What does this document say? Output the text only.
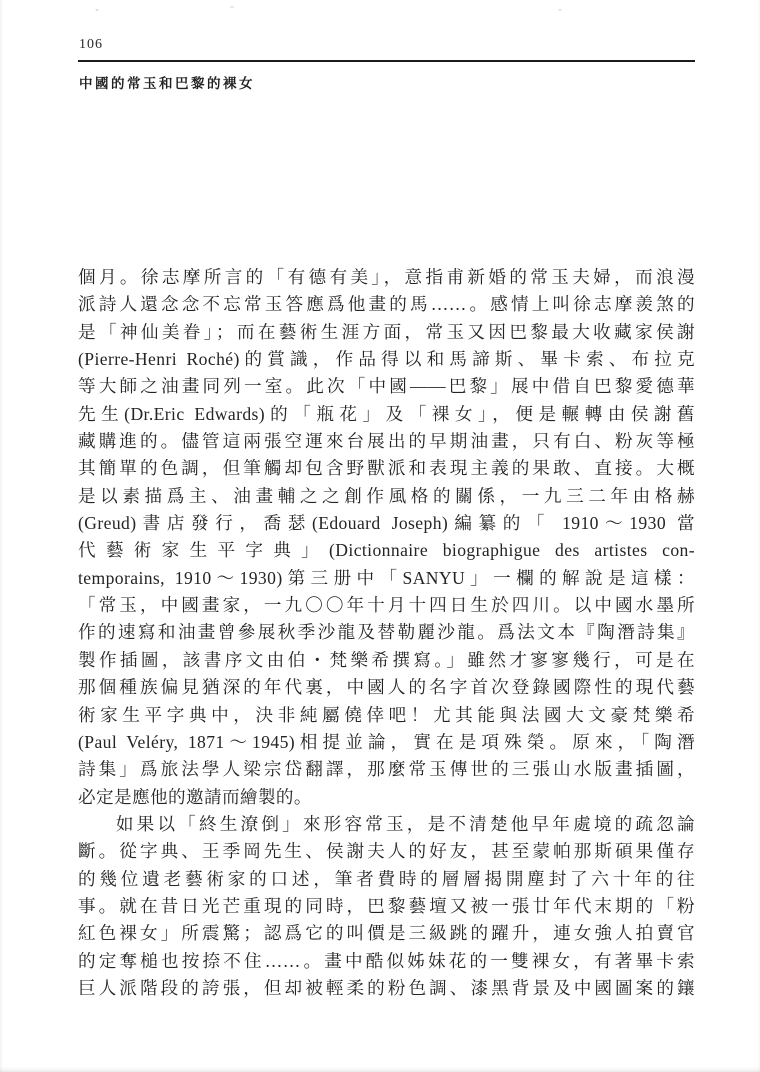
106
中國的常玉和巴黎的裸女
個月。徐志摩所言的「有德有美」，意指甫新婚的常玉夫婦，而浪漫
派詩人還念念不忘常玉答應爲他畫的馬……。感情上叫徐志摩羨煞的
是「神仙美眷」；而在藝術生涯方面，常玉又因巴黎最大收藏家侯謝
(Pierre-Henri Roché)的賞識，作品得以和馬諦斯、畢卡索、布拉克
等大師之油畫同列一室。此次「中國——巴黎」展中借自巴黎愛德華
先生(Dr.Eric Edwards)的「瓶花」及「裸女」，便是輾轉由侯謝舊
藏購進的。儘管這兩張空運來台展出的早期油畫，只有白、粉灰等極
其簡單的色調，但筆觸却包含野獸派和表現主義的果敢、直接。大概
是以素描爲主、油畫輔之之創作風格的關係，一九三二年由格赫
(Greud)書店發行，喬瑟(Edouard Joseph)編纂的「 1910～1930 當
代藝術家生平字典」(Dictionnaire biographigue des artistes con-
temporains, 1910～1930)第三册中「SANYU」一欄的解說是這樣：
「常玉，中國畫家，一九〇〇年十月十四日生於四川。以中國水墨所
作的速寫和油畫曾參展秋季沙龍及替勒麗沙龍。爲法文本『陶潛詩集』
製作插圖，該書序文由伯・梵樂希撰寫。」雖然才寥寥幾行，可是在
那個種族偏見猶深的年代裏，中國人的名字首次登錄國際性的現代藝
術家生平字典中，決非純屬僥倖吧！尤其能與法國大文豪梵樂希
(Paul Veléry, 1871～1945)相提並論，實在是項殊榮。原來，「陶潛
詩集」爲旅法學人梁宗岱翻譯，那麼常玉傳世的三張山水版畫插圖，
必定是應他的邀請而繪製的。
如果以「終生潦倒」來形容常玉，是不清楚他早年處境的疏忽論
斷。從字典、王季岡先生、侯謝夫人的好友，甚至蒙帕那斯碩果僅存
的幾位遺老藝術家的口述，筆者費時的層層揭開塵封了六十年的往
事。就在昔日光芒重現的同時，巴黎藝壇又被一張廿年代末期的「粉
紅色裸女」所震驚；認爲它的叫價是三級跳的躍升，連女強人拍賣官
的定奪槌也按捺不住……。畫中酷似姊妹花的一雙裸女，有著畢卡索
巨人派階段的誇張，但却被輕柔的粉色調、漆黑背景及中國圖案的鑲
